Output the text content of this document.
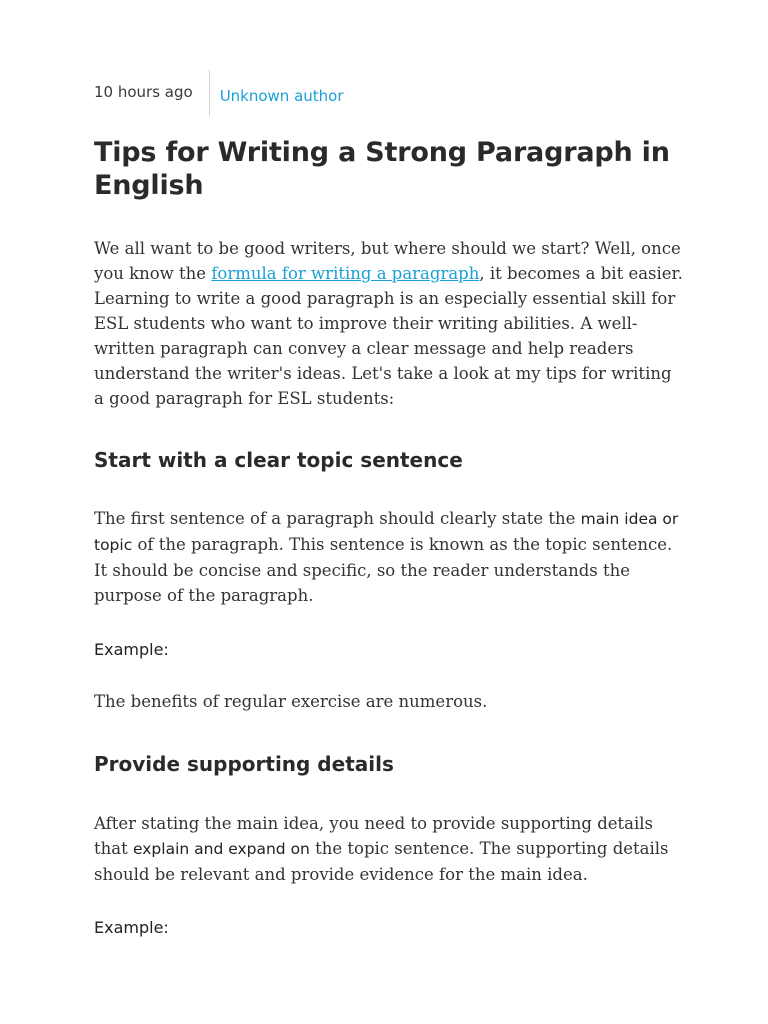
10 hours ago	Unknown author
Tips for Writing a Strong Paragraph in English

We all want to be good writers, but where should we start? Well, once you know the formula for writing a paragraph, it becomes a bit easier. Learning to write a good paragraph is an especially essential skill for ESL students who want to improve their writing abilities. A well-written paragraph can convey a clear message and help readers understand the writer's ideas. Let's take a look at my tips for writing a good paragraph for ESL students:

Start with a clear topic sentence

The first sentence of a paragraph should clearly state the main idea or topic of the paragraph. This sentence is known as the topic sentence. It should be concise and specific, so the reader understands the purpose of the paragraph.

Example:

The benefits of regular exercise are numerous.

Provide supporting details

After stating the main idea, you need to provide supporting details that explain and expand on the topic sentence. The supporting details should be relevant and provide evidence for the main idea.

Example:
